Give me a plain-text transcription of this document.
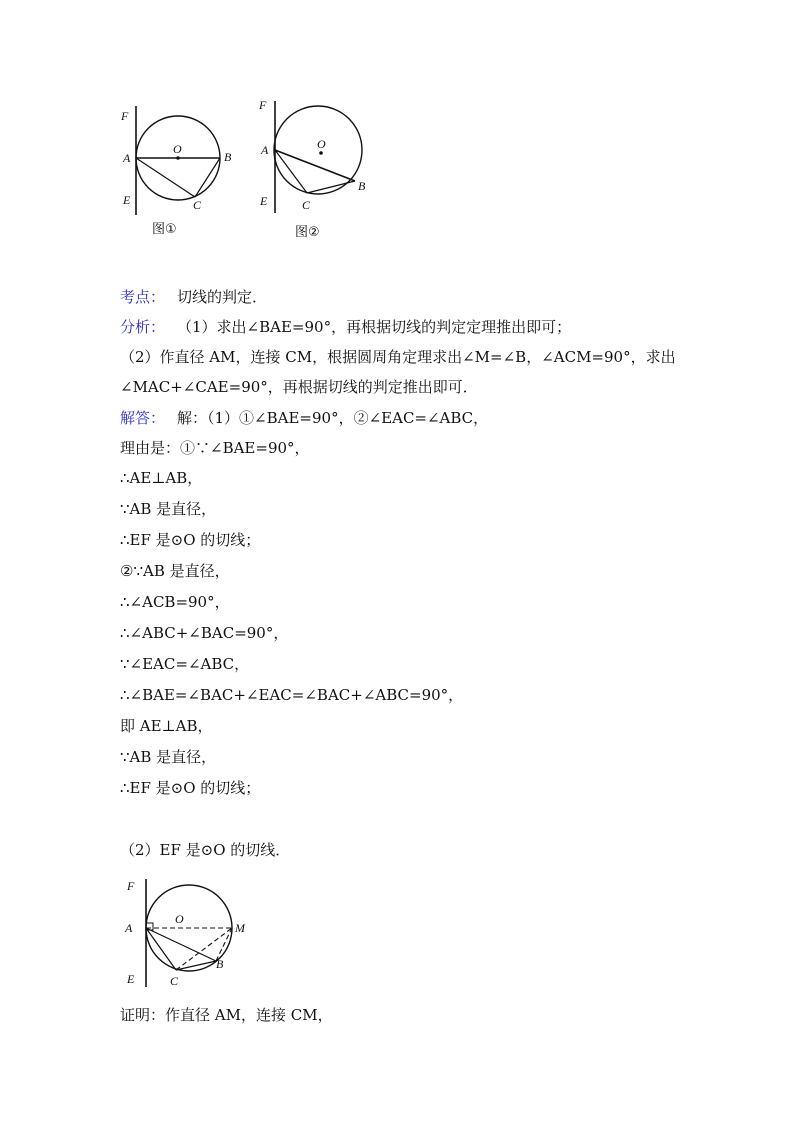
F
A
E
O
B
C
图①
F
A
E
O
B
C
图②
考点： 切线的判定．
分析： （1）求出∠BAE=90°，再根据切线的判定定理推出即可；
（2）作直径 AM，连接 CM，根据圆周角定理求出∠M=∠B，∠ACM=90°，求出
∠MAC+∠CAE=90°，再根据切线的判定推出即可．
解答： 解：（1）①∠BAE=90°，②∠EAC=∠ABC，
理由是：①∵∠BAE=90°，
∴AE⊥AB，
∵AB 是直径，
∴EF 是⊙O 的切线；
②∵AB 是直径，
∴∠ACB=90°，
∴∠ABC+∠BAC=90°，
∵∠EAC=∠ABC，
∴∠BAE=∠BAC+∠EAC=∠BAC+∠ABC=90°，
即 AE⊥AB，
∵AB 是直径，
∴EF 是⊙O 的切线；
（2）EF 是⊙O 的切线．
F
A
E
O
M
B
C
证明：作直径 AM，连接 CM，
